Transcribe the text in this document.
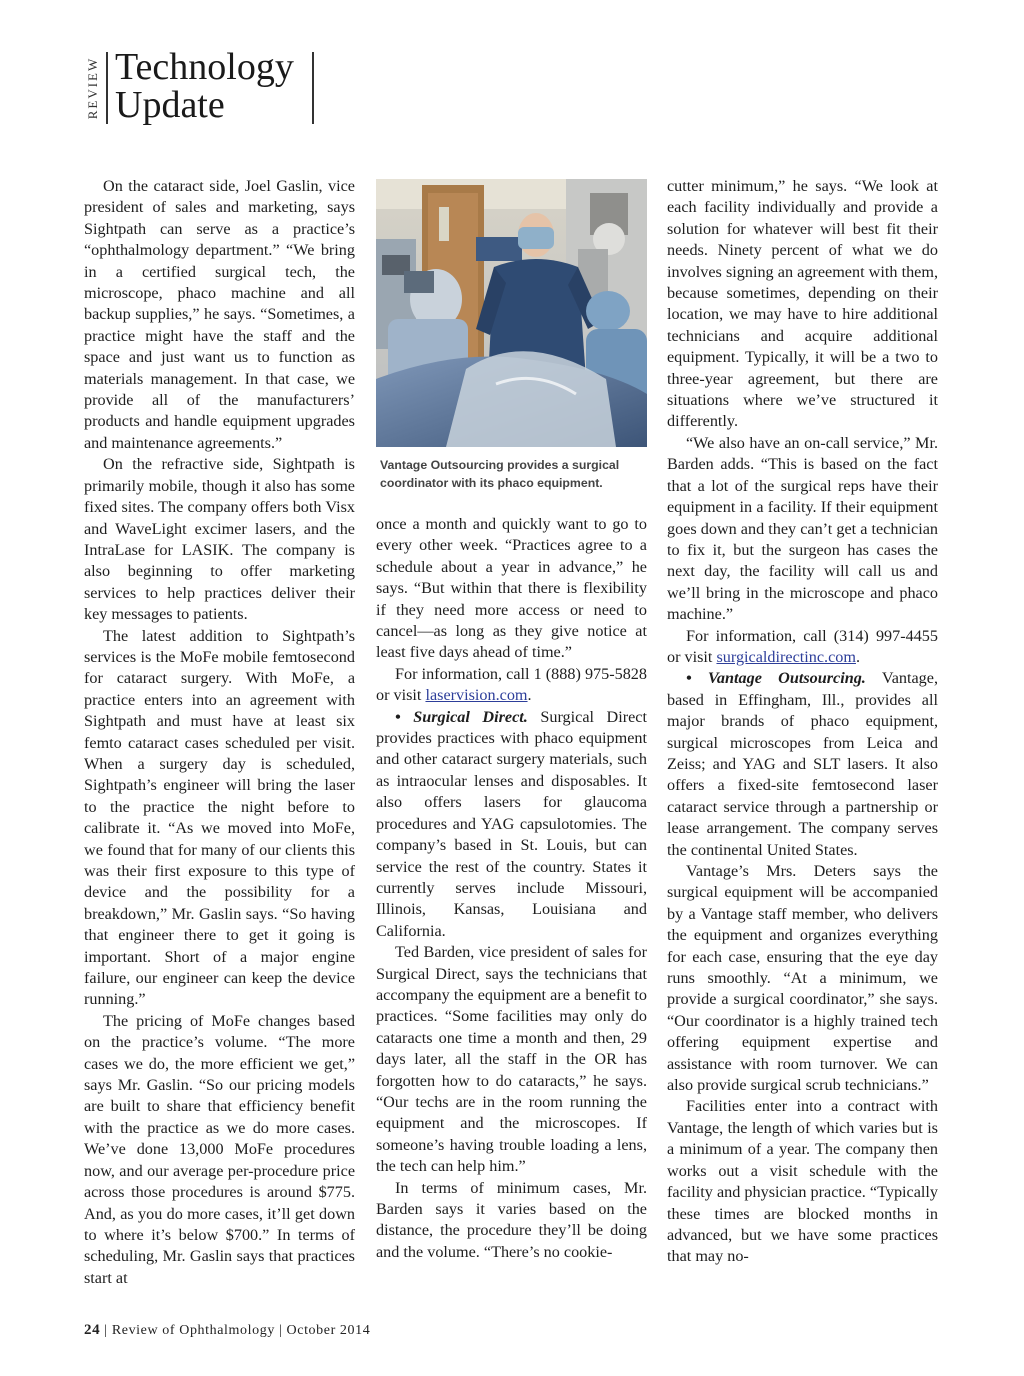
REVIEW Technology
Update

On the cataract side, Joel Gaslin, vice president of sales and marketing, says Sightpath can serve as a practice’s “ophthalmology department.” “We bring in a certified surgical tech, the microscope, phaco machine and all backup supplies,” he says. “Sometimes, a practice might have the staff and the space and just want us to function as materials management. In that case, we provide all of the manufacturers’ products and handle equipment upgrades and maintenance agreements.”

On the refractive side, Sightpath is primarily mobile, though it also has some fixed sites. The company offers both Visx and WaveLight excimer lasers, and the IntraLase for LASIK. The company is also beginning to offer marketing services to help practices deliver their key messages to patients.

The latest addition to Sightpath’s services is the MoFe mobile femtosecond for cataract surgery. With MoFe, a practice enters into an agreement with Sightpath and must have at least six femto cataract cases scheduled per visit. When a surgery day is scheduled, Sightpath’s engineer will bring the laser to the practice the night before to calibrate it. “As we moved into MoFe, we found that for many of our clients this was their first exposure to this type of device and the possibility for a breakdown,” Mr. Gaslin says. “So having that engineer there to get it going is important. Short of a major engine failure, our engineer can keep the device running.”

The pricing of MoFe changes based on the practice’s volume. “The more cases we do, the more efficient we get,” says Mr. Gaslin. “So our pricing models are built to share that efficiency benefit with the practice as we do more cases. We’ve done 13,000 MoFe procedures now, and our average per-procedure price across those procedures is around $775. And, as you do more cases, it’ll get down to where it’s below $700.” In terms of scheduling, Mr. Gaslin says that practices start at

Vantage Outsourcing provides a surgical coordinator with its phaco equipment.

once a month and quickly want to go to every other week. “Practices agree to a schedule about a year in advance,” he says. “But within that there is flexibility if they need more access or need to cancel—as long as they give notice at least five days ahead of time.”

For information, call 1 (888) 975-5828 or visit laservision.com.

• Surgical Direct. Surgical Direct provides practices with phaco equipment and other cataract surgery materials, such as intraocular lenses and disposables. It also offers lasers for glaucoma procedures and YAG capsulotomies. The company’s based in St. Louis, but can service the rest of the country. States it currently serves include Missouri, Illinois, Kansas, Louisiana and California.

Ted Barden, vice president of sales for Surgical Direct, says the technicians that accompany the equipment are a benefit to practices. “Some facilities may only do cataracts one time a month and then, 29 days later, all the staff in the OR has forgotten how to do cataracts,” he says. “Our techs are in the room running the equipment and the microscopes. If someone’s having trouble loading a lens, the tech can help him.”

In terms of minimum cases, Mr. Barden says it varies based on the distance, the procedure they’ll be doing and the volume. “There’s no cookie-

cutter minimum,” he says. “We look at each facility individually and provide a solution for whatever will best fit their needs. Ninety percent of what we do involves signing an agreement with them, because sometimes, depending on their location, we may have to hire additional technicians and acquire additional equipment. Typically, it will be a two to three-year agreement, but there are situations where we’ve structured it differently.

“We also have an on-call service,” Mr. Barden adds. “This is based on the fact that a lot of the surgical reps have their equipment in a facility. If their equipment goes down and they can’t get a technician to fix it, but the surgeon has cases the next day, the facility will call us and we’ll bring in the microscope and phaco machine.”

For information, call (314) 997-4455 or visit surgicaldirectinc.com.

• Vantage Outsourcing. Vantage, based in Effingham, Ill., provides all major brands of phaco equipment, surgical microscopes from Leica and Zeiss; and YAG and SLT lasers. It also offers a fixed-site femtosecond laser cataract service through a partnership or lease arrangement. The company serves the continental United States.

Vantage’s Mrs. Deters says the surgical equipment will be accompanied by a Vantage staff member, who delivers the equipment and organizes everything for each case, ensuring that the eye day runs smoothly. “At a minimum, we provide a surgical coordinator,” she says. “Our coordinator is a highly trained tech offering equipment expertise and assistance with room turnover. We can also provide surgical scrub technicians.”

Facilities enter into a contract with Vantage, the length of which varies but is a minimum of a year. The company then works out a visit schedule with the facility and physician practice. “Typically these times are blocked months in advanced, but we have some practices that may no-

24 | Review of Ophthalmology | October 2014
